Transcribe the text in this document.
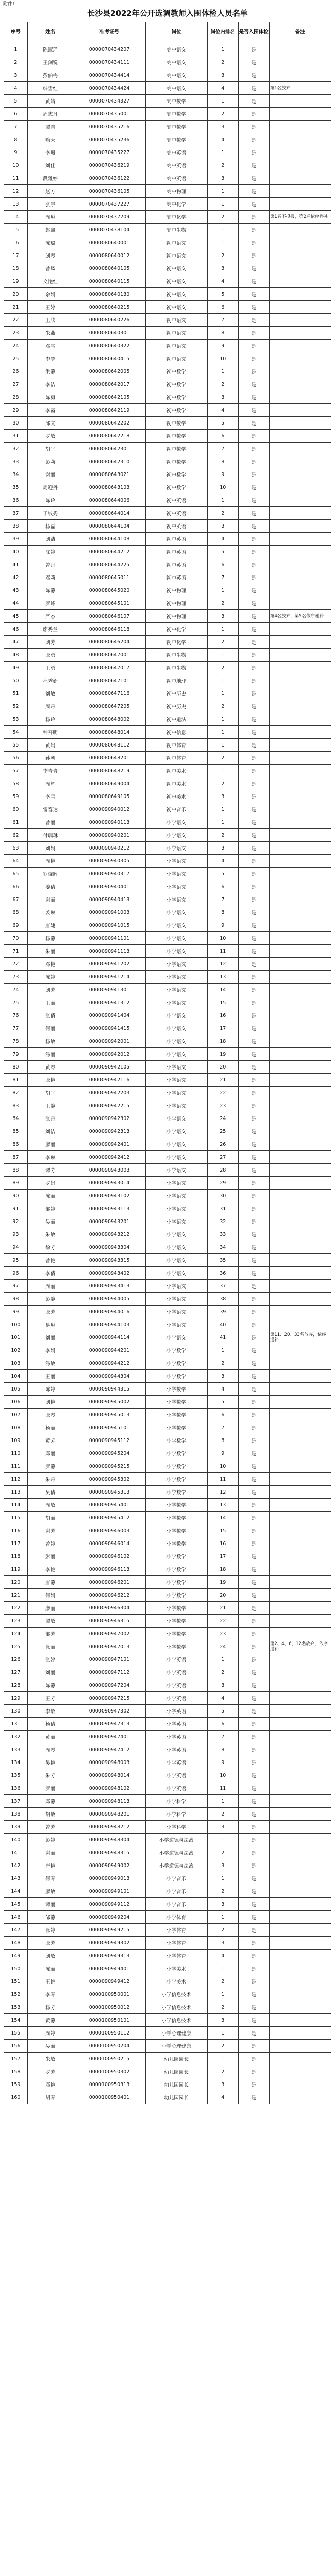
附件1
长沙县2022年公开选调教师入围体检人员名单
序号	姓名	准考证号	岗位	岗位内排名	是否入围体检	备注
1	陈淑瑶	0000070434207	高中语文	1	是	
2	王剑锐	0000070434111	高中语文	2	是	
3	彭伯梅	0000070434414	高中语文	3	是	
4	韩雪红	0000070434424	高中语文	4	是	第1名放弃
5	黄婧	0000070434327	高中数学	1	是	
6	周志丹	0000070435001	高中数学	2	是	
7	谭慧	0000070435216	高中数学	3	是	
8	喻天	0000070435236	高中数学	4	是	
9	李珊	0000070435227	高中英语	1	是	
10	刘佳	0000070436219	高中英语	2	是	
11	段雅婷	0000070436122	高中英语	3	是	
12	赵方	0000070436105	高中物理	1	是	
13	张宇	0000070437227	高中化学	1	是	
14	周琳	0000070437209	高中化学	2	是	第1名不投报，第2名依序递补
15	赵鑫	0000070438104	高中生物	1	是	
16	陈璐	0000080640001	初中语文	1	是	
17	刘琴	0000080640012	初中语文	2	是	
18	曾凤	0000080640105	初中语文	3	是	
19	文艳红	0000080640115	初中语文	4	是	
20	余娟	0000080640130	初中语文	5	是	
21	王婷	0000080640215	初中语文	6	是	
22	王欣	0000080640226	初中语文	7	是	
23	朱燕	0000080640301	初中语文	8	是	
24	邓雪	0000080640322	初中语文	9	是	
25	李梦	0000080640415	初中语文	10	是	
26	洪静	0000080642005	初中数学	1	是	
27	李洁	0000080642017	初中数学	2	是	
28	陈勇	0000080642105	初中数学	3	是	
29	李霞	0000080642119	初中数学	4	是	
30	邱文	0000080642202	初中数学	5	是	
31	罗敏	0000080642218	初中数学	6	是	
32	胡平	0000080642301	初中数学	7	是	
33	彭莉	0000080642310	初中数学	8	是	
34	谢丽	0000080643021	初中数学	9	是	
35	周迎丹	0000080643103	初中数学	10	是	
36	陈玲	0000080644006	初中英语	1	是	
37	于纹秀	0000080644014	初中英语	2	是	
38	杨磊	0000080644104	初中英语	3	是	
39	刘洁	0000080644108	初中英语	4	是	
40	沈婷	0000080644212	初中英语	5	是	
41	曾丹	0000080644225	初中英语	6	是	
42	邓莉	0000080645011	初中英语	7	是	
43	陈静	0000080645020	初中物理	1	是	
44	罗峰	0000080645101	初中物理	2	是	
45	严杰	0000080646107	初中物理	3	是	第4名放弃，第5名依序递补
46	廖秀兰	0000080646118	初中化学	1	是	
47	刘芳	0000080646204	初中化学	2	是	
48	张勇	0000080647001	初中生物	1	是	
49	王勇	0000080647017	初中生物	2	是	
50	杜秀娟	0000080647101	初中地理	1	是	
51	刘敏	0000080647116	初中历史	1	是	
52	周丹	0000080647205	初中历史	2	是	
53	杨玲	0000080648002	初中道法	1	是	
54	钟开明	0000080648014	初中信息	1	是	
55	黄娟	0000080648112	初中体育	1	是	
56	孙朝	0000080648201	初中体育	2	是	
57	李青青	0000080648219	初中美术	1	是	
58	周辉	0000080649004	初中美术	2	是	
59	李雪	0000080649105	初中美术	3	是	
60	雷春达	0000090940012	初中音乐	1	是	
61	曾丽	0000090940113	小学语文	1	是	
62	付瑞琳	0000090940201	小学语文	2	是	
63	刘娟	0000090940212	小学语文	3	是	
64	周艳	0000090940305	小学语文	4	是	
65	罗晓辉	0000090940317	小学语文	5	是	
66	姜倩	0000090940401	小学语文	6	是	
67	谢丽	0000090940413	小学语文	7	是	
68	姜琳	0000090941003	小学语文	8	是	
69	唐婕	0000090941015	小学语文	9	是	
70	杨静	0000090941101	小学语文	10	是	
71	朱丽	0000090941113	小学语文	11	是	
72	邓艳	0000090941202	小学语文	12	是	
73	陈婷	0000090941214	小学语文	13	是	
74	刘芳	0000090941301	小学语文	14	是	
75	王丽	0000090941312	小学语文	15	是	
76	张倩	0000090941404	小学语文	16	是	
77	何丽	0000090941415	小学语文	17	是	
78	杨敏	0000090942001	小学语文	18	是	
79	汤丽	0000090942012	小学语文	19	是	
80	黄琴	0000090942105	小学语文	20	是	
81	张艳	0000090942116	小学语文	21	是	
82	胡平	0000090942203	小学语文	22	是	
83	王静	0000090942215	小学语文	23	是	
84	张丹	0000090942302	小学语文	24	是	
85	刘洁	0000090942313	小学语文	25	是	
86	廖丽	0000090942401	小学语文	26	是	
87	李琳	0000090942412	小学语文	27	是	
88	谭芳	0000090943003	小学语文	28	是	
89	罗娟	0000090943014	小学语文	29	是	
90	陈丽	0000090943102	小学语文	30	是	
91	邹婷	0000090943113	小学语文	31	是	
92	吴丽	0000090943201	小学语文	32	是	
93	朱敏	0000090943212	小学语文	33	是	
94	徐芳	0000090943304	小学语文	34	是	
95	曾艳	0000090943315	小学语文	35	是	
96	李倩	0000090943402	小学语文	36	是	
97	周丽	0000090943413	小学语文	37	是	
98	彭静	0000090944005	小学语文	38	是	
99	张芳	0000090944016	小学语文	39	是	
100	易琳	0000090944103	小学语文	40	是	
101	刘丽	0000090944114	小学语文	41	是	第11、20、33名放弃，依序递补
102	李娟	0000090944201	小学数学	1	是	
103	汤敏	0000090944212	小学数学	2	是	
104	王丽	0000090944304	小学数学	3	是	
105	陈婷	0000090944315	小学数学	4	是	
106	刘艳	0000090945002	小学数学	5	是	
107	张琴	0000090945013	小学数学	6	是	
108	杨丽	0000090945101	小学数学	7	是	
109	黄芳	0000090945112	小学数学	8	是	
110	邓丽	0000090945204	小学数学	9	是	
111	罗静	0000090945215	小学数学	10	是	
112	朱丹	0000090945302	小学数学	11	是	
113	吴倩	0000090945313	小学数学	12	是	
114	周敏	0000090945401	小学数学	13	是	
115	胡丽	0000090945412	小学数学	14	是	
116	谢芳	0000090946003	小学数学	15	是	
117	曾婷	0000090946014	小学数学	16	是	
118	彭丽	0000090946102	小学数学	17	是	
119	李艳	0000090946113	小学数学	18	是	
120	唐静	0000090946201	小学数学	19	是	
121	何娟	0000090946212	小学数学	20	是	
122	廖丽	0000090946304	小学数学	21	是	
123	谭敏	0000090946315	小学数学	22	是	
124	邹芳	0000090947002	小学数学	23	是	
125	徐丽	0000090947013	小学数学	24	是	第2、4、6、12名放弃，依序递补
126	张婷	0000090947101	小学英语	1	是	
127	刘丽	0000090947112	小学英语	2	是	
128	陈静	0000090947204	小学英语	3	是	
129	王芳	0000090947215	小学英语	4	是	
130	李敏	0000090947302	小学英语	5	是	
131	杨倩	0000090947313	小学英语	6	是	
132	黄丽	0000090947401	小学英语	7	是	
133	周琴	0000090947412	小学英语	8	是	
134	吴艳	0000090948003	小学英语	9	是	
135	朱芳	0000090948014	小学英语	10	是	
136	罗丽	0000090948102	小学英语	11	是	
137	邓静	0000090948113	小学科学	1	是	
138	胡敏	0000090948201	小学科学	2	是	
139	曾芳	0000090948212	小学科学	3	是	
140	彭婷	0000090948304	小学道德与法治	1	是	
141	谢丽	0000090948315	小学道德与法治	2	是	
142	唐艳	0000090949002	小学道德与法治	3	是	
143	何琴	0000090949013	小学音乐	1	是	
144	廖敏	0000090949101	小学音乐	2	是	
145	谭丽	0000090949112	小学音乐	3	是	
146	邹静	0000090949204	小学体育	1	是	
147	徐婷	0000090949215	小学体育	2	是	
148	张芳	0000090949302	小学体育	3	是	
149	刘敏	0000090949313	小学体育	4	是	
150	陈丽	0000090949401	小学美术	1	是	
151	王艳	0000090949412	小学美术	2	是	
152	李琴	0000100950001	小学信息技术	1	是	
153	杨芳	0000100950012	小学信息技术	2	是	
154	黄静	0000100950101	小学信息技术	3	是	
155	周婷	0000100950112	小学心理健康	1	是	
156	吴丽	0000100950204	小学心理健康	2	是	
157	朱敏	0000100950215	幼儿园园长	1	是	
158	罗芳	0000100950302	幼儿园园长	2	是	
159	邓艳	0000100950313	幼儿园园长	3	是	
160	胡琴	0000100950401	幼儿园园长	4	是	
